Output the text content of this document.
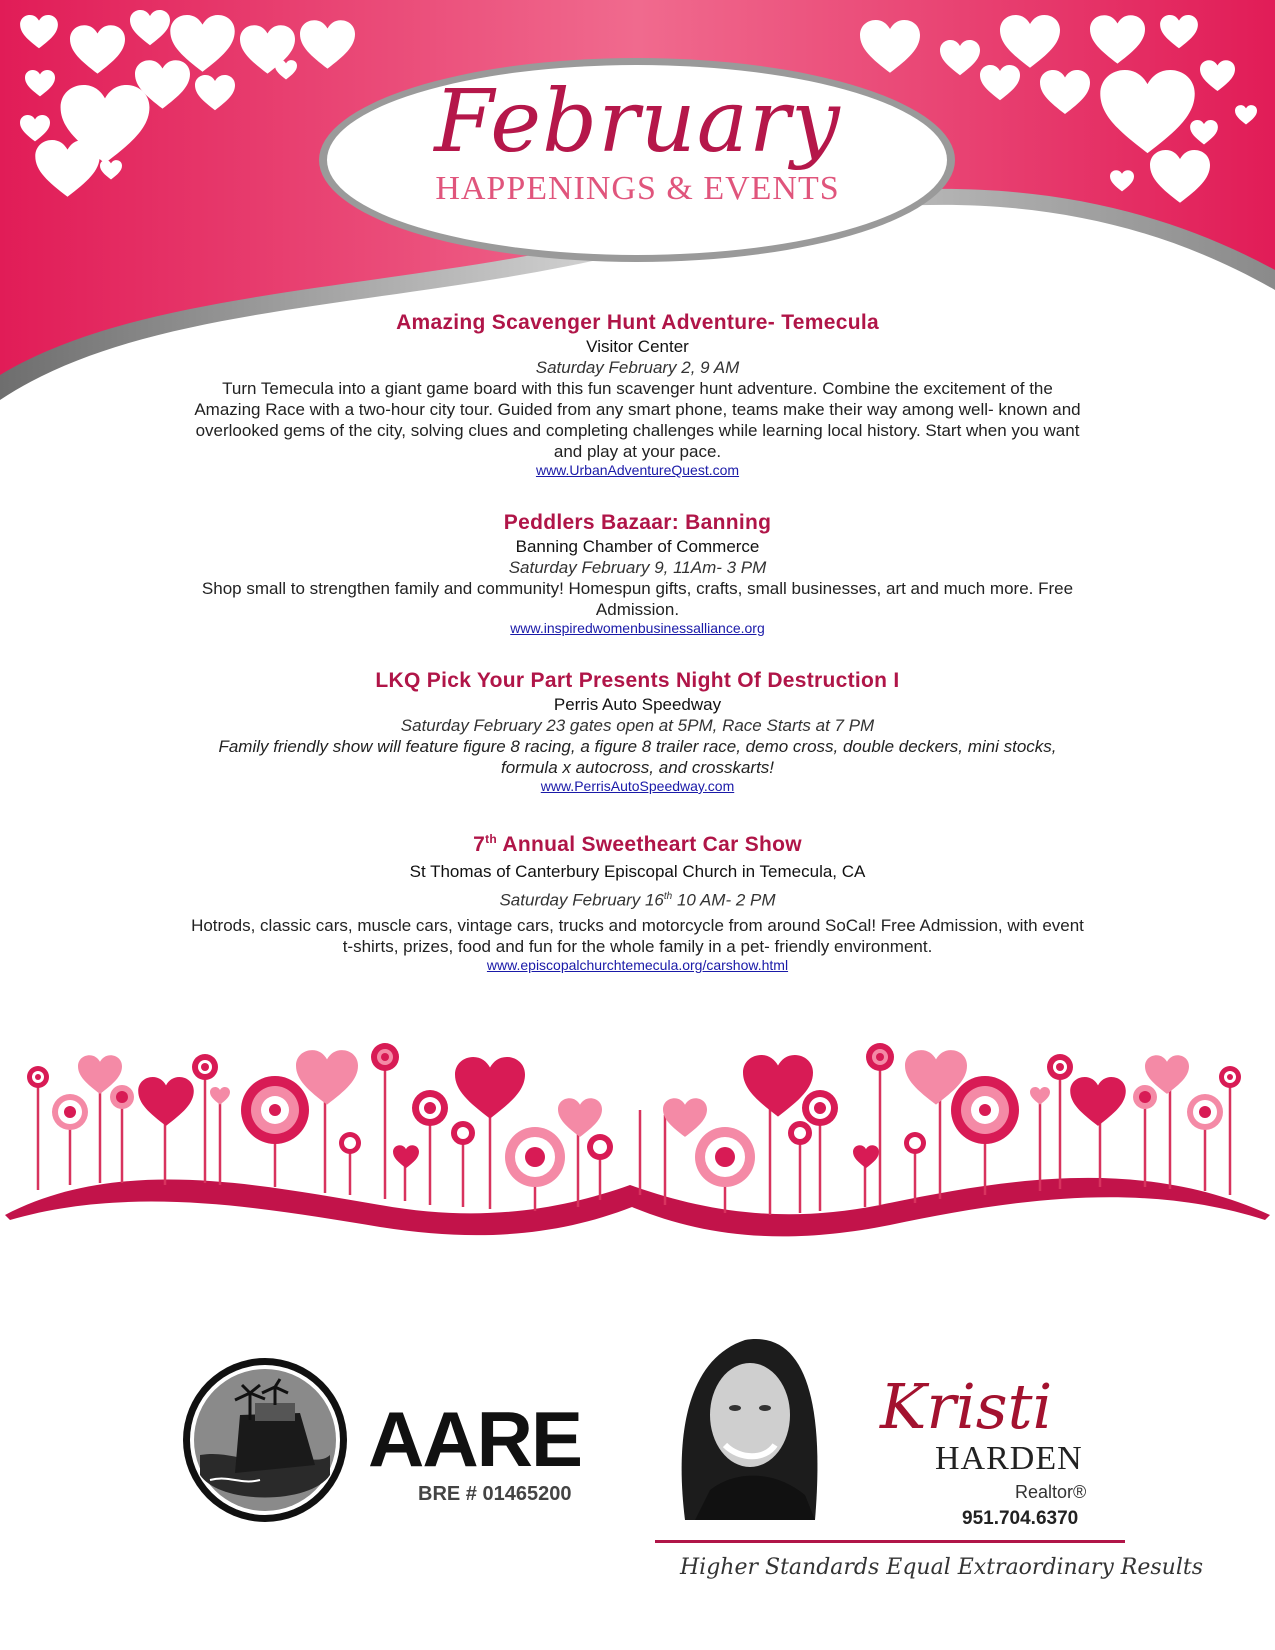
February
HAPPENINGS & EVENTS
Amazing Scavenger Hunt Adventure- Temecula
Visitor Center
Saturday February 2, 9 AM
Turn Temecula into a giant game board with this fun scavenger hunt adventure. Combine the excitement of the Amazing Race with a two-hour city tour. Guided from any smart phone, teams make their way among well- known and overlooked gems of the city, solving clues and completing challenges while learning local history. Start when you want and play at your pace.
www.UrbanAdventureQuest.com
Peddlers Bazaar: Banning
Banning Chamber of Commerce
Saturday February 9, 11Am- 3 PM
Shop small to strengthen family and community! Homespun gifts, crafts, small businesses, art and much more. Free Admission.
www.inspiredwomenbusinessalliance.org
LKQ Pick Your Part Presents Night Of Destruction I
Perris Auto Speedway
Saturday February 23 gates open at 5PM, Race Starts at 7 PM
Family friendly show will feature figure 8 racing, a figure 8 trailer race, demo cross, double deckers, mini stocks, formula x autocross, and crosskarts!
www.PerrisAutoSpeedway.com
7th Annual Sweetheart Car Show
St Thomas of Canterbury Episcopal Church in Temecula, CA
Saturday February 16th 10 AM- 2 PM
Hotrods, classic cars, muscle cars, vintage cars, trucks and motorcycle from around SoCal! Free Admission, with event t-shirts, prizes, food and fun for the whole family in a pet- friendly environment.
www.episcopalchurchtemecula.org/carshow.html
AARE
BRE # 01465200
Kristi
HARDEN
Realtor®
951.704.6370
Higher Standards Equal Extraordinary Results
